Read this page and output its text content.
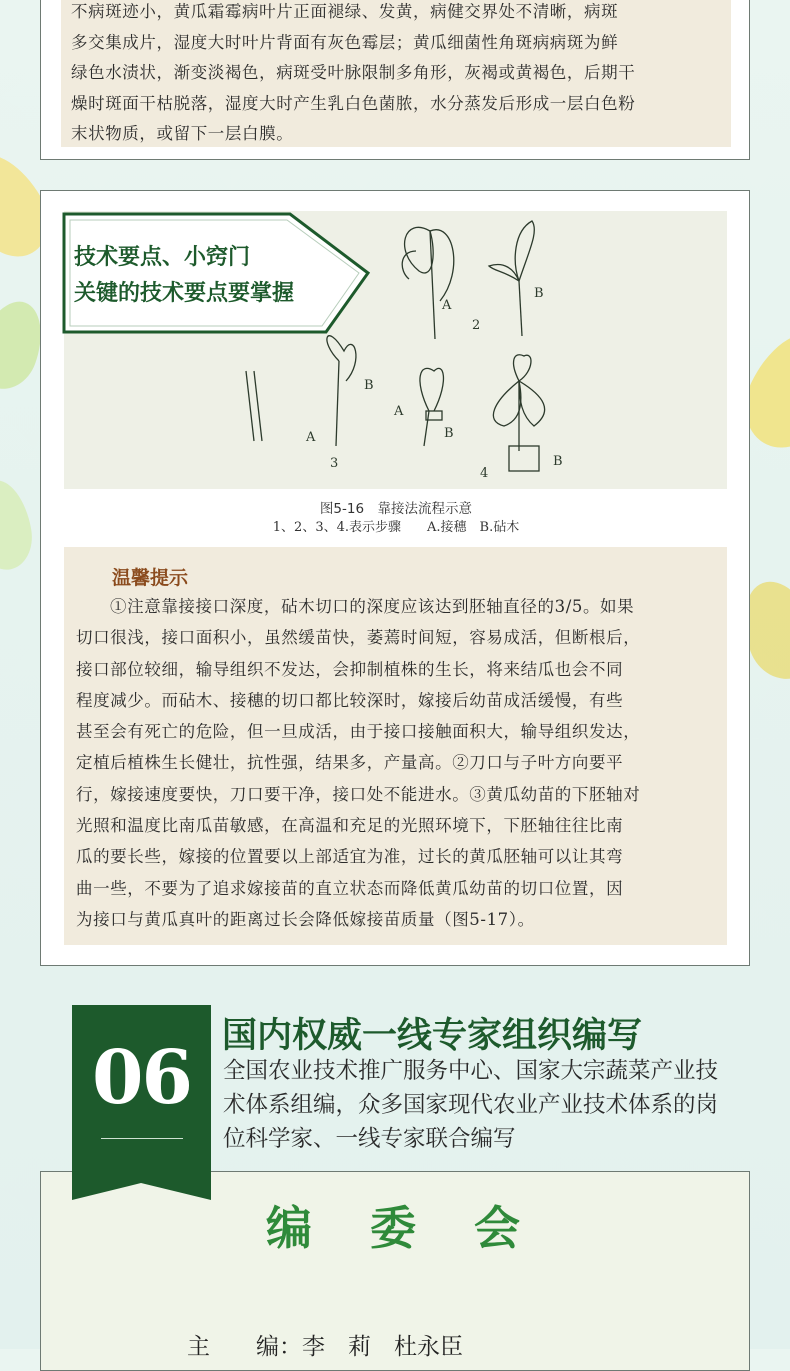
不病斑迹小，黄瓜霜霉病叶片正面褪绿、发黄，病健交界处不清晰，病斑
多交集成片，湿度大时叶片背面有灰色霉层；黄瓜细菌性角斑病病斑为鲜
绿色水渍状，渐变淡褐色，病斑受叶脉限制多角形，灰褐或黄褐色，后期干
燥时斑面干枯脱落，湿度大时产生乳白色菌脓，水分蒸发后形成一层白色粉
末状物质，或留下一层白膜。
A
B
2
B
A
3
A
B
4
B
技术要点、小窍门
关键的技术要点要掌握
图5-16　靠接法流程示意
1、2、3、4.表示步骤　　A.接穗　B.砧木
温馨提示
①注意靠接接口深度，砧木切口的深度应该达到胚轴直径的3/5。如果
切口很浅，接口面积小，虽然缓苗快，萎蔫时间短，容易成活，但断根后，
接口部位较细，输导组织不发达，会抑制植株的生长，将来结瓜也会不同
程度减少。而砧木、接穗的切口都比较深时，嫁接后幼苗成活缓慢，有些
甚至会有死亡的危险，但一旦成活，由于接口接触面积大，输导组织发达，
定植后植株生长健壮，抗性强，结果多，产量高。②刀口与子叶方向要平
行，嫁接速度要快，刀口要干净，接口处不能进水。③黄瓜幼苗的下胚轴对
光照和温度比南瓜苗敏感，在高温和充足的光照环境下，下胚轴往往比南
瓜的要长些，嫁接的位置要以上部适宜为准，过长的黄瓜胚轴可以让其弯
曲一些，不要为了追求嫁接苗的直立状态而降低黄瓜幼苗的切口位置，因
为接口与黄瓜真叶的距离过长会降低嫁接苗质量（图5-17）。
编　委　会
主　　编：李　莉　杜永臣
06 国内权威一线专家组织编写
全国农业技术推广服务中心、国家大宗蔬菜产业技
术体系组编，众多国家现代农业产业技术体系的岗
位科学家、一线专家联合编写
